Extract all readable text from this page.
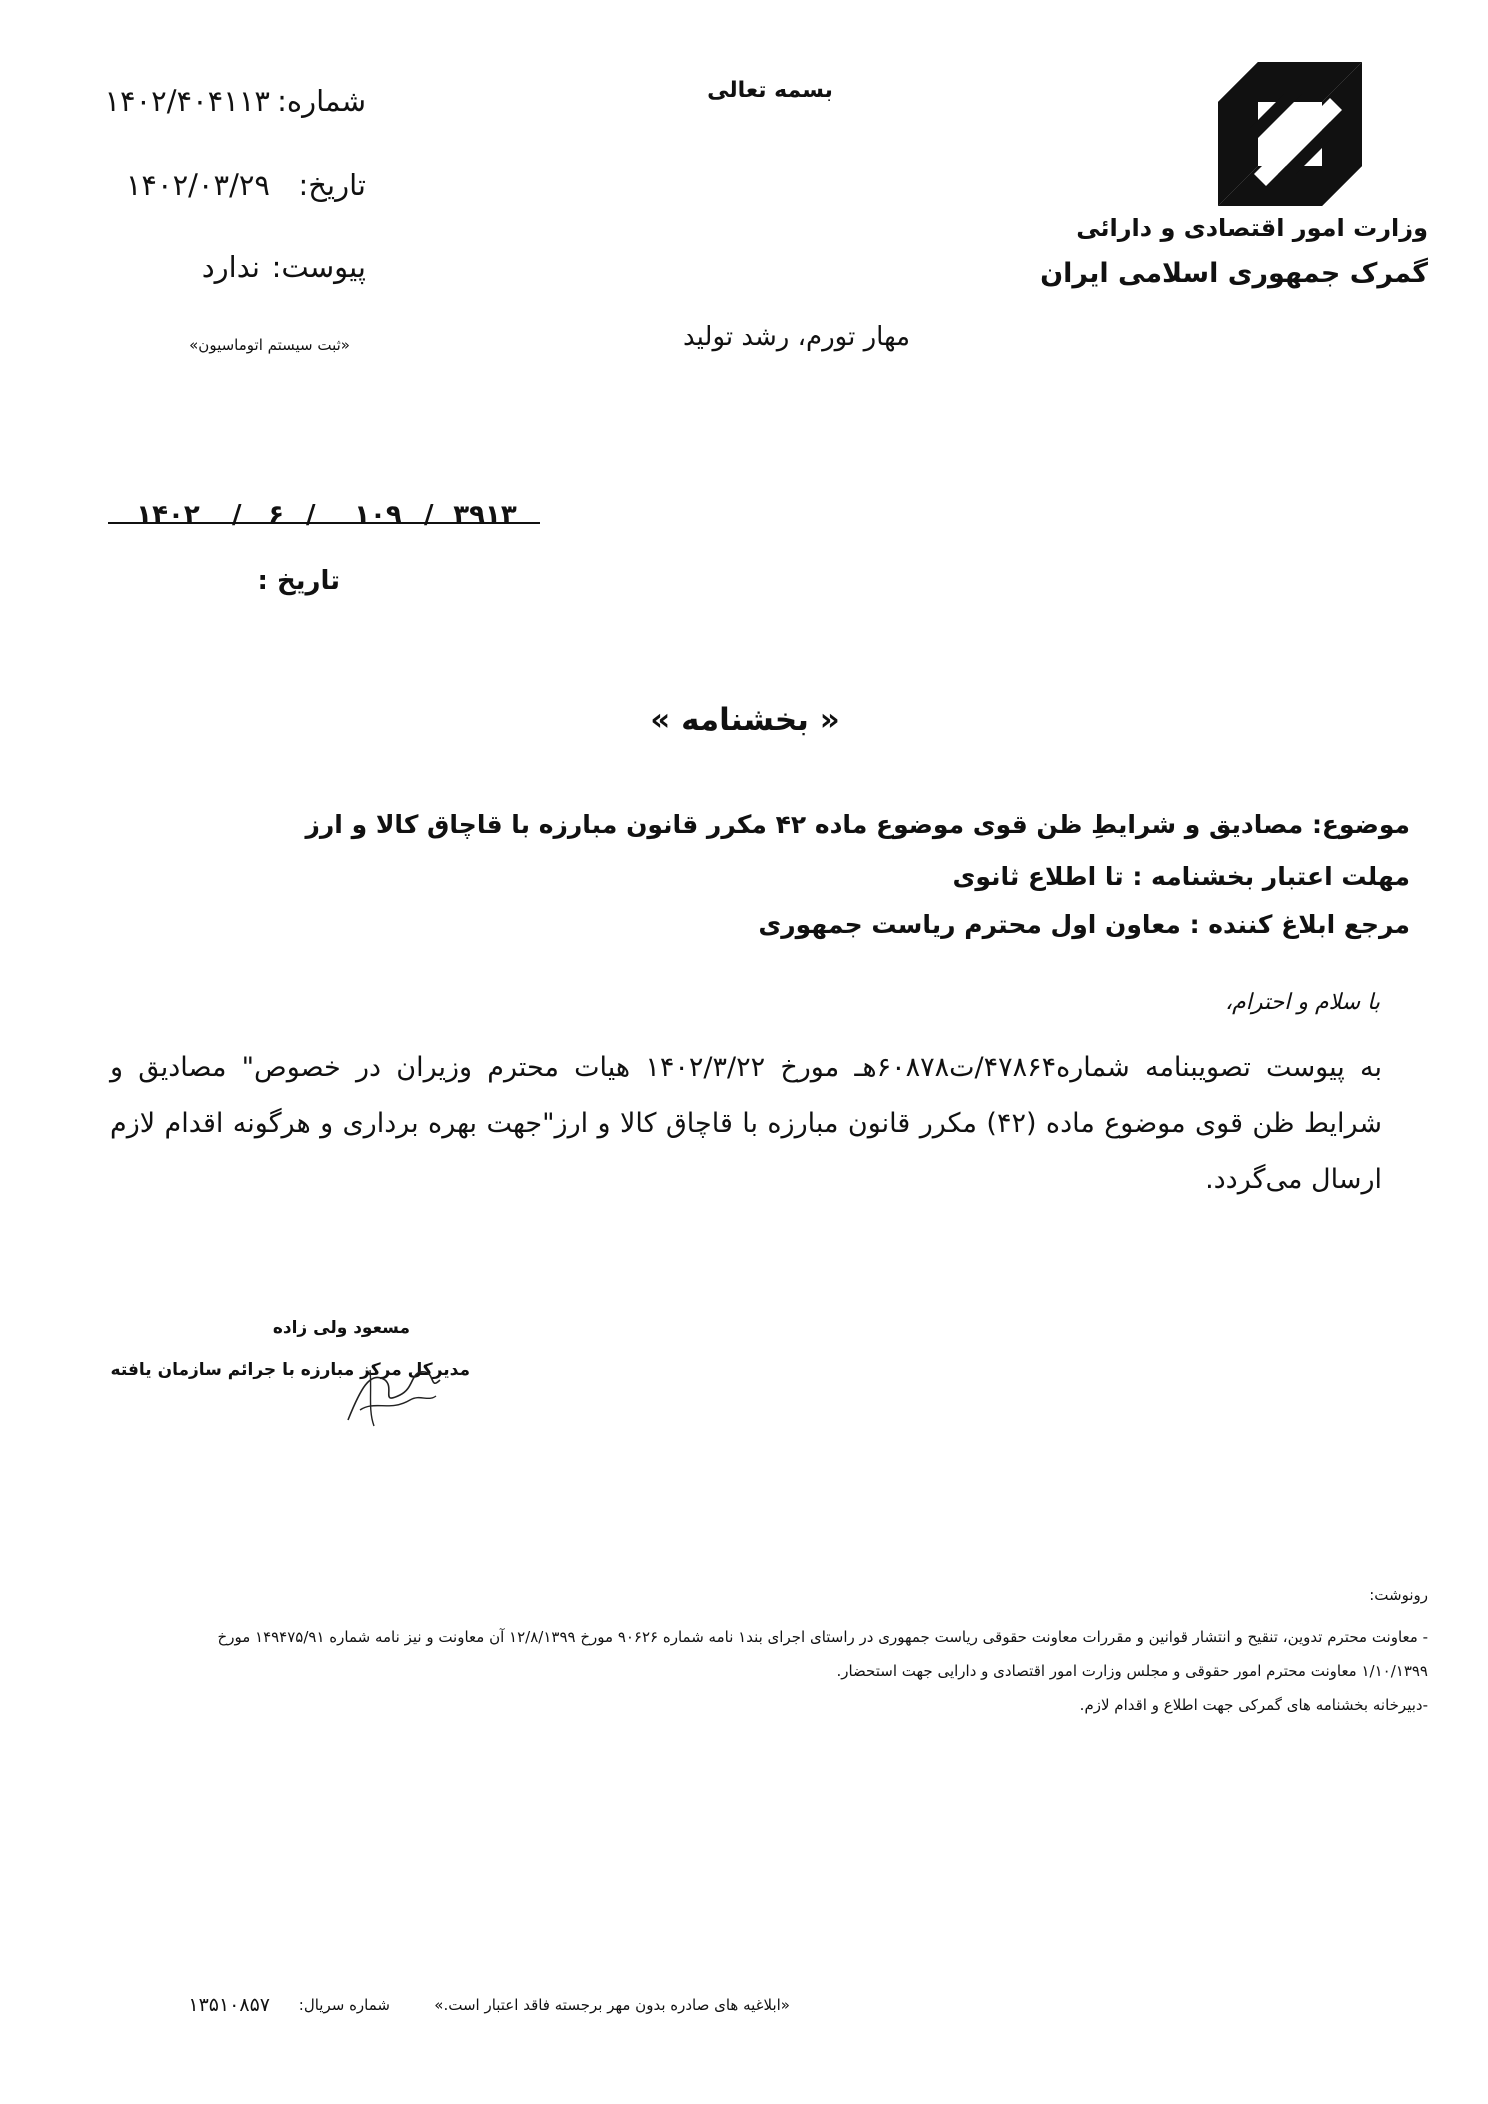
بسمه تعالی
وزارت امور اقتصادی و دارائی
گمرک جمهوری اسلامی ایران
شماره:
۱۴۰۲/۴۰۴۱۱۳
تاریخ:
۱۴۰۲/۰۳/۲۹
پیوست:
ندارد
«ثبت سیستم اتوماسیون»	مهار تورم، رشد تولید
۳۹۱۳
/
۱۰۹
/
۶
/
۱۴۰۲
تاریخ :
« بخشنامه »
موضوع: مصادیق و شرایطِ ظن قوی موضوع ماده ۴۲ مکرر قانون مبارزه با قاچاق کالا و ارز
مهلت اعتبار بخشنامه : تا اطلاع ثانوی
مرجع ابلاغ کننده : معاون اول محترم ریاست جمهوری
با سلام و احترام،
به پیوست تصویبنامه شماره۴۷۸۶۴/ت۶۰۸۷۸هـ مورخ ۱۴۰۲/۳/۲۲ هیات محترم وزیران در خصوص" مصادیق و شرایط ظن قوی موضوع ماده (۴۲) مکرر قانون مبارزه با قاچاق کالا و ارز"جهت بهره برداری و هرگونه اقدام لازم ارسال می‌گردد.
مسعود ولی زاده
مدیرکل مرکز مبارزه با جرائم سازمان یافته
رونوشت:
- معاونت محترم تدوین، تنقیح و انتشار قوانین و مقررات معاونت حقوقی ریاست جمهوری در راستای اجرای بند۱ نامه شماره ۹۰۶۲۶ مورخ ۱۲/۸/۱۳۹۹ آن معاونت و نیز نامه شماره ۱۴۹۴۷۵/۹۱ مورخ
۱/۱۰/۱۳۹۹ معاونت محترم امور حقوقی و مجلس وزارت امور اقتصادی و دارایی جهت استحضار.
-دبیرخانه بخشنامه های گمرکی جهت اطلاع و اقدام لازم.
«ابلاغیه های صادره بدون مهر برجسته فاقد اعتبار است.»
شماره سریال:
۱۳۵۱۰۸۵۷
